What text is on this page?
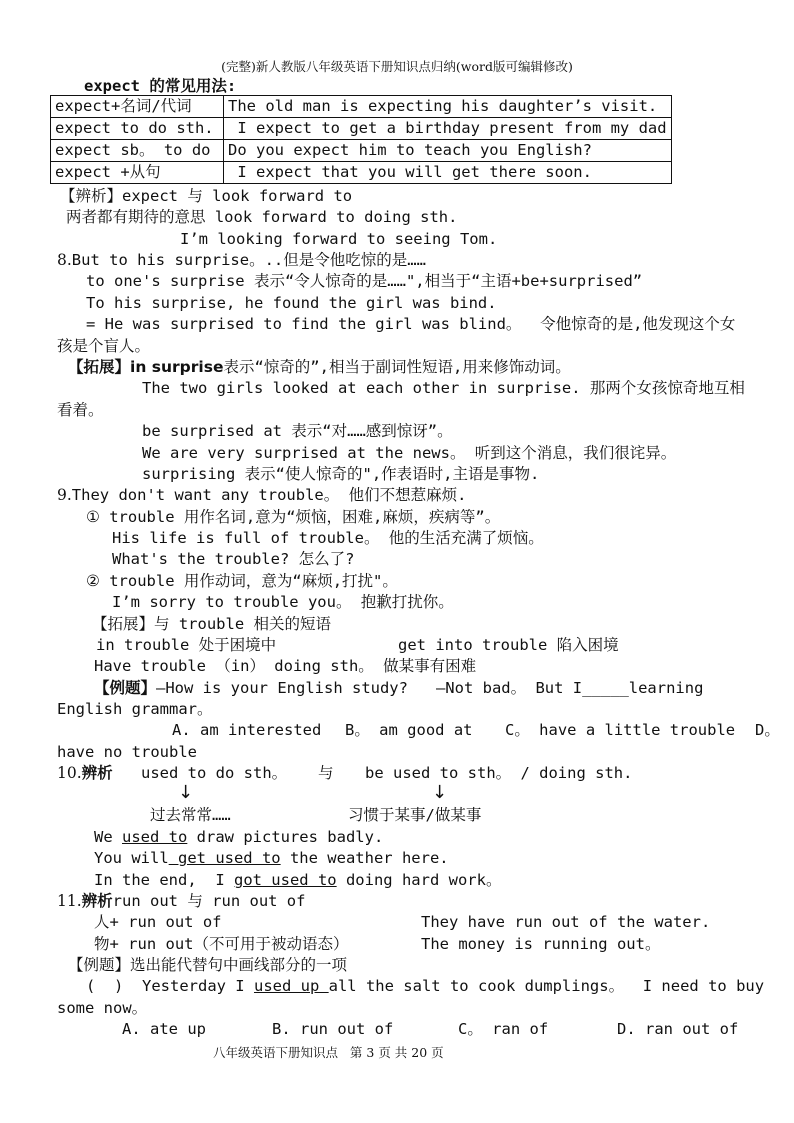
(完整)新人教版八年级英语下册知识点归纳(word版可编辑修改)
expect 的常见用法:
expect+名词/代词	The old man is expecting his daughter’s visit.
expect to do sth.	I expect to get a birthday present from my dad
expect sb。 to do	Do you expect him to teach you English?
expect +从句	I expect that you will get there soon.
【辨析】expect 与 look forward to
两者都有期待的意思 look forward to doing sth.
I’m looking forward to seeing Tom.
8.But to his surprise。..但是令他吃惊的是……
to one's surprise 表示“令人惊奇的是……",相当于“主语+be+surprised”
To his surprise, he found the girl was bind.
= He was surprised to find the girl was blind。  令他惊奇的是,他发现这个女
孩是个盲人。
【拓展】in surprise表示“惊奇的”,相当于副词性短语,用来修饰动词。
The two girls looked at each other in surprise. 那两个女孩惊奇地互相
看着。
be surprised at 表示“对……感到惊讶”。
We are very surprised at the news。 听到这个消息，我们很诧异。
surprising 表示“使人惊奇的",作表语时,主语是事物.
9.They don't want any trouble。 他们不想惹麻烦.
① trouble 用作名词,意为“烦恼，困难,麻烦，疾病等”。
His life is full of trouble。 他的生活充满了烦恼。
What's the trouble? 怎么了?
② trouble 用作动词，意为“麻烦,打扰"。
I’m sorry to trouble you。 抱歉打扰你。
【拓展】与 trouble 相关的短语
in trouble 处于困境中	get into trouble 陷入困境
Have trouble （in） doing sth。 做某事有困难
【例题】—How is your English study?   —Not bad。 But I_____learning
English grammar。
A. am interested B。 am good at C。 have a little trouble D。
have no trouble
10.辨析 used to do sth。 与 be used to sth。 / doing sth.
↓	↓
过去常常……	习惯于某事/做某事
We used to draw pictures badly.
You will get used to the weather here.
In the end,  I got used to doing hard work。
11.辨析run out 与 run out of
人+ run out of	They have run out of the water.
物+ run out（不可用于被动语态）	The money is running out。
【例题】选出能代替句中画线部分的一项
(  )  Yesterday I used up all the salt to cook dumplings。  I need to buy
some now。
A. ate up	B. run out of	C。 ran of	D. ran out of
八年级英语下册知识点   第 3 页 共 20 页
